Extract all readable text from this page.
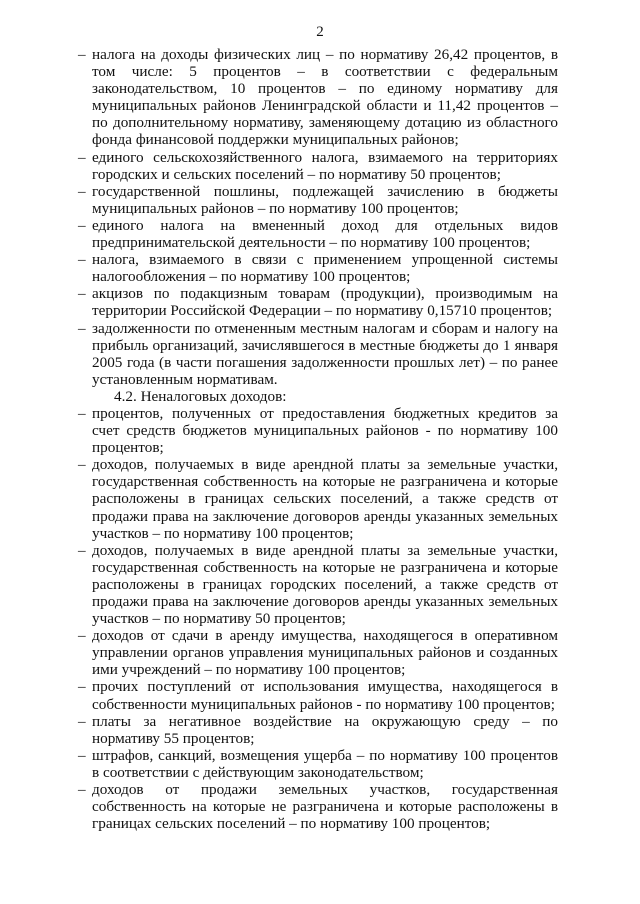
2

– налога на доходы физических лиц – по нормативу 26,42 процентов, в том числе: 5 процентов – в соответствии с федеральным законодательством, 10 процентов – по единому нормативу для муниципальных районов Ленинградской области и 11,42 процентов – по дополнительному нормативу, заменяющему дотацию из областного фонда финансовой поддержки муниципальных районов;

– единого сельскохозяйственного налога, взимаемого на территориях городских и сельских поселений – по нормативу 50 процентов;

– государственной пошлины, подлежащей зачислению в бюджеты муниципальных районов – по нормативу 100 процентов;

– единого налога на вмененный доход для отдельных видов предпринимательской деятельности – по нормативу 100 процентов;

– налога, взимаемого в связи с применением упрощенной системы налогообложения – по нормативу 100 процентов;

– акцизов по подакцизным товарам (продукции), производимым на территории Российской Федерации – по нормативу 0,15710 процентов;

– задолженности по отмененным местным налогам и сборам и налогу на прибыль организаций, зачислявшегося в местные бюджеты до 1 января 2005 года (в части погашения задолженности прошлых лет) – по ранее установленным нормативам.

4.2. Неналоговых доходов:

– процентов, полученных от предоставления бюджетных кредитов за счет средств бюджетов муниципальных районов - по нормативу 100 процентов;

– доходов, получаемых в виде арендной платы за земельные участки, государственная собственность на которые не разграничена и которые расположены в границах сельских поселений, а также средств от продажи права на заключение договоров аренды указанных земельных участков – по нормативу 100 процентов;

– доходов, получаемых в виде арендной платы за земельные участки, государственная собственность на которые не разграничена и которые расположены в границах городских поселений, а также средств от продажи права на заключение договоров аренды указанных земельных участков – по нормативу 50 процентов;

– доходов от сдачи в аренду имущества, находящегося в оперативном управлении органов управления муниципальных районов и созданных ими учреждений – по нормативу 100 процентов;

– прочих поступлений от использования имущества, находящегося в собственности муниципальных районов - по нормативу 100 процентов;

– платы за негативное воздействие на окружающую среду – по нормативу 55 процентов;

– штрафов, санкций, возмещения ущерба – по нормативу 100 процентов в соответствии с действующим законодательством;

– доходов от продажи земельных участков, государственная собственность на которые не разграничена и которые расположены в границах сельских поселений – по нормативу 100 процентов;
